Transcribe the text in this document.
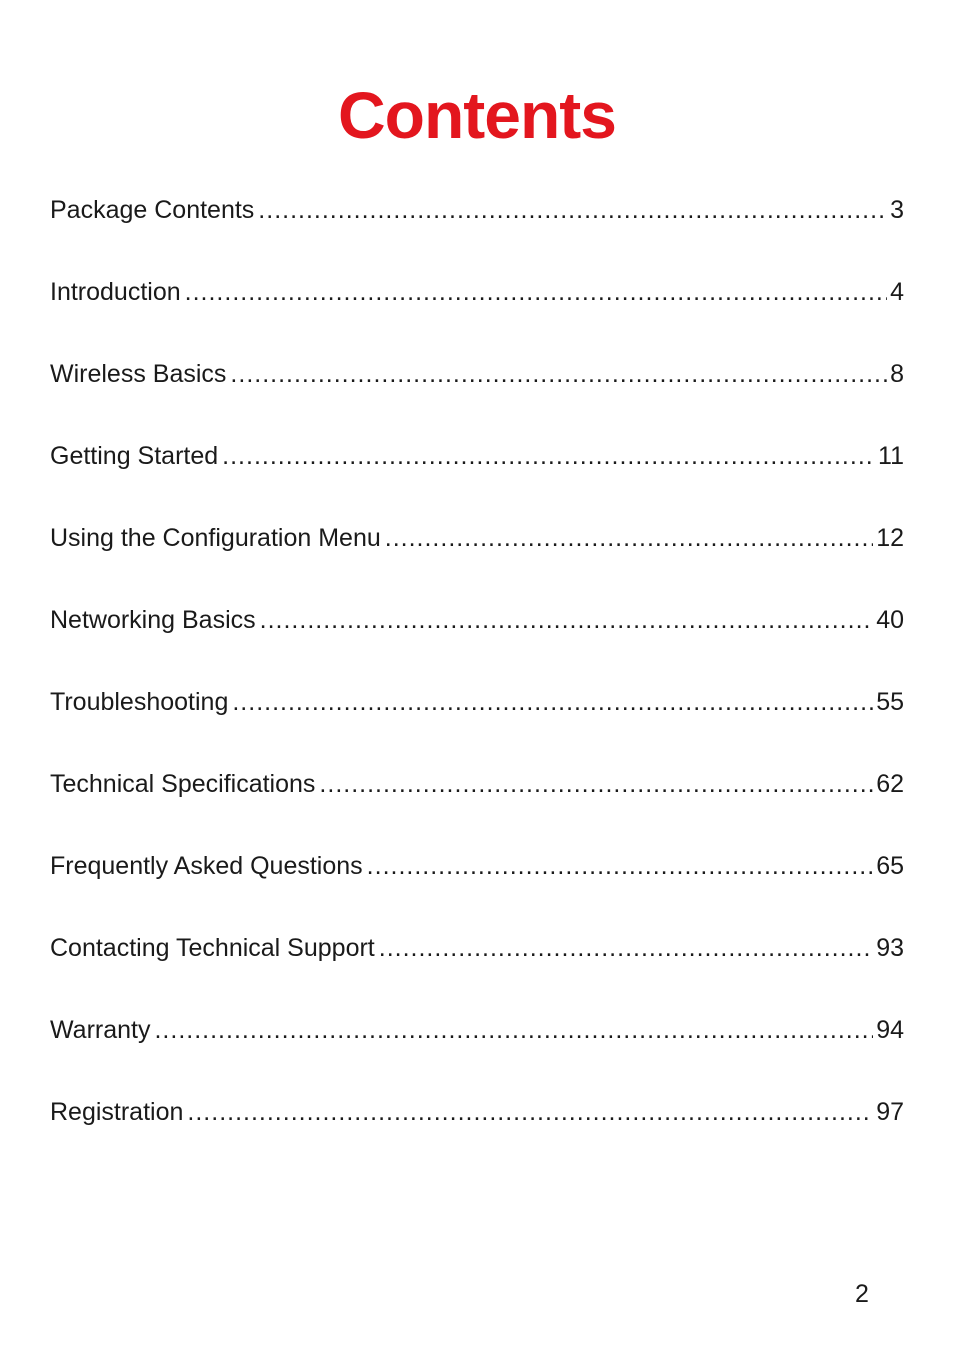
Contents
Package Contents .....	3
Introduction .....	4
Wireless Basics .....	8
Getting Started .....	11
Using the Configuration Menu .....	12
Networking Basics .....	40
Troubleshooting .....	55
Technical Specifications .....	62
Frequently Asked Questions .....	65
Contacting Technical Support .....	93
Warranty .....	94
Registration .....	97
2
